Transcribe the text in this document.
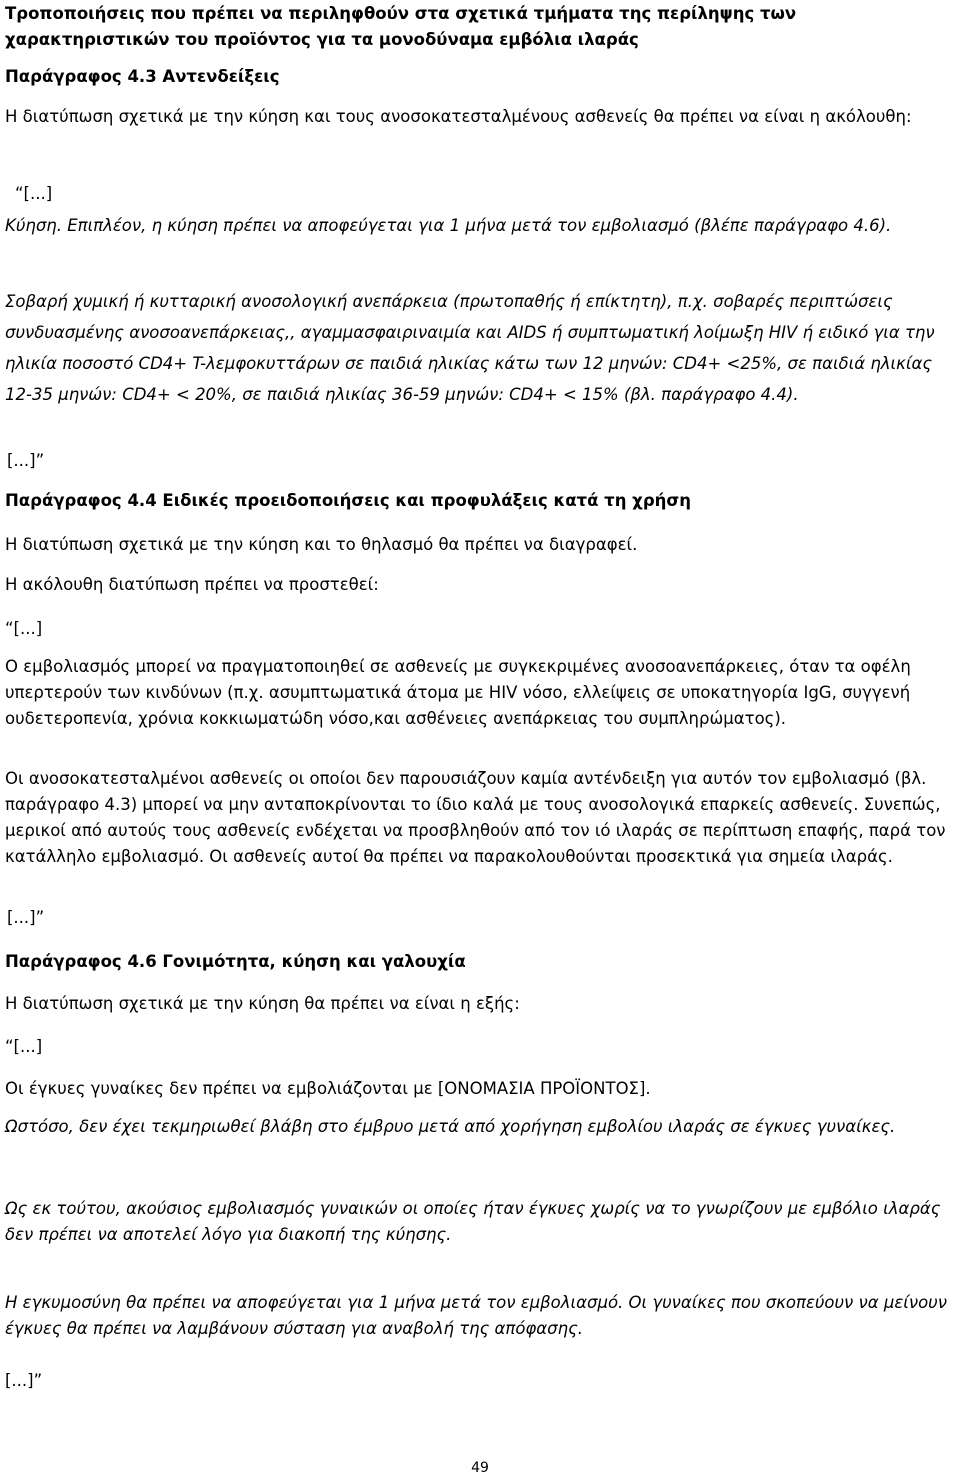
Τροποποιήσεις που πρέπει να περιληφθούν στα σχετικά τμήματα της περίληψης των
χαρακτηριστικών του προϊόντος για τα μονοδύναμα εμβόλια ιλαράς

Παράγραφος 4.3 Αντενδείξεις

Η διατύπωση σχετικά με την κύηση και τους ανοσοκατεσταλμένους ασθενείς θα πρέπει να είναι η ακόλουθη:

“[...]

Κύηση. Επιπλέον, η κύηση πρέπει να αποφεύγεται για 1 μήνα μετά τον εμβολιασμό (βλέπε παράγραφο 4.6).

Σοβαρή χυμική ή κυτταρική ανοσολογική ανεπάρκεια (πρωτοπαθής ή επίκτητη), π.χ. σοβαρές περιπτώσεις συνδυασμένης ανοσοανεπάρκειας,, αγαμμασφαιριναιμία και AIDS ή συμπτωματική λοίμωξη HIV ή ειδικό για την ηλικία ποσοστό CD4+ T-λεμφοκυττάρων σε παιδιά ηλικίας κάτω των 12 μηνών: CD4+ <25%, σε παιδιά ηλικίας 12-35 μηνών: CD4+ < 20%, σε παιδιά ηλικίας 36-59 μηνών: CD4+ < 15% (βλ. παράγραφο 4.4).

[...]”

Παράγραφος 4.4 Ειδικές προειδοποιήσεις και προφυλάξεις κατά τη χρήση

Η διατύπωση σχετικά με την κύηση και το θηλασμό θα πρέπει να διαγραφεί.

Η ακόλουθη διατύπωση πρέπει να προστεθεί:

“[...]

Ο εμβολιασμός μπορεί να πραγματοποιηθεί σε ασθενείς με συγκεκριμένες ανοσοανεπάρκειες, όταν τα οφέλη υπερτερούν των κινδύνων (π.χ. ασυμπτωματικά άτομα με HIV νόσο, ελλείψεις σε υποκατηγορία IgG, συγγενή ουδετεροπενία, χρόνια κοκκιωματώδη νόσο,και ασθένειες ανεπάρκειας του συμπληρώματος).

Οι ανοσοκατεσταλμένοι ασθενείς οι οποίοι δεν παρουσιάζουν καμία αντένδειξη για αυτόν τον εμβολιασμό (βλ. παράγραφο 4.3) μπορεί να μην ανταποκρίνονται το ίδιο καλά με τους ανοσολογικά επαρκείς ασθενείς. Συνεπώς, μερικοί από αυτούς τους ασθενείς ενδέχεται να προσβληθούν από τον ιό ιλαράς σε περίπτωση επαφής, παρά τον κατάλληλο εμβολιασμό. Οι ασθενείς αυτοί θα πρέπει να παρακολουθούνται προσεκτικά για σημεία ιλαράς.

[...]”

Παράγραφος 4.6 Γονιμότητα, κύηση και γαλουχία

Η διατύπωση σχετικά με την κύηση θα πρέπει να είναι η εξής:

“[...]

Οι έγκυες γυναίκες δεν πρέπει να εμβολιάζονται με [ΟΝΟΜΑΣΙΑ ΠΡΟΪΟΝΤΟΣ].

Ωστόσο, δεν έχει τεκμηριωθεί βλάβη στο έμβρυο μετά από χορήγηση εμβολίου ιλαράς σε έγκυες γυναίκες.

Ως εκ τούτου, ακούσιος εμβολιασμός γυναικών οι οποίες ήταν έγκυες χωρίς να το γνωρίζουν με εμβόλιο ιλαράς δεν πρέπει να αποτελεί λόγο για διακοπή της κύησης.

Η εγκυμοσύνη θα πρέπει να αποφεύγεται για 1 μήνα μετά τον εμβολιασμό. Οι γυναίκες που σκοπεύουν να μείνουν έγκυες θα πρέπει να λαμβάνουν σύσταση για αναβολή της απόφασης.

[...]”

49
